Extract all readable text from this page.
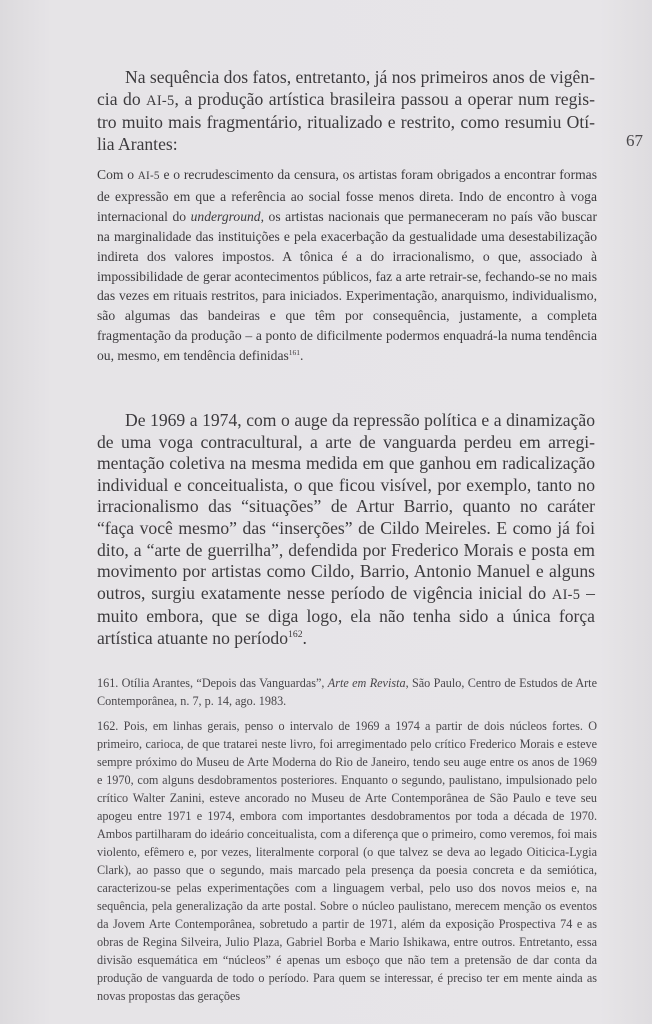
67

Na sequência dos fatos, entretanto, já nos primeiros anos de vigência do AI-5, a produção artística brasileira passou a operar num registro muito mais fragmentário, ritualizado e restrito, como resumiu Otília Arantes:

Com o AI-5 e o recrudescimento da censura, os artistas foram obrigados a encontrar formas de expressão em que a referência ao social fosse menos direta. Indo de encontro à voga internacional do underground, os artistas nacionais que permaneceram no país vão buscar na marginalidade das instituições e pela exacerbação da gestualidade uma desestabilização indireta dos valores impostos. A tônica é a do irracionalismo, o que, associado à impossibilidade de gerar acontecimentos públicos, faz a arte retrair-se, fechando-se no mais das vezes em rituais restritos, para iniciados. Experimentação, anarquismo, individualismo, são algumas das bandeiras e que têm por consequência, justamente, a completa fragmentação da produção – a ponto de dificilmente podermos enquadrá-la numa tendência ou, mesmo, em tendência definidas$^{161}$.

De 1969 a 1974, com o auge da repressão política e a dinamização de uma voga contracultural, a arte de vanguarda perdeu em arregimentação coletiva na mesma medida em que ganhou em radicalização individual e conceitualista, o que ficou visível, por exemplo, tanto no irracionalismo das “situações” de Artur Barrio, quanto no caráter “faça você mesmo” das “inserções” de Cildo Meireles. E como já foi dito, a “arte de guerrilha”, defendida por Frederico Morais e posta em movimento por artistas como Cildo, Barrio, Antonio Manuel e alguns outros, surgiu exatamente nesse período de vigência inicial do AI-5 – muito embora, que se diga logo, ela não tenha sido a única força artística atuante no período$^{162}$.

161. Otília Arantes, “Depois das Vanguardas”, Arte em Revista, São Paulo, Centro de Estudos de Arte Contemporânea, n. 7, p. 14, ago. 1983.

162. Pois, em linhas gerais, penso o intervalo de 1969 a 1974 a partir de dois núcleos fortes. O primeiro, carioca, de que tratarei neste livro, foi arregimentado pelo crítico Frederico Morais e esteve sempre próximo do Museu de Arte Moderna do Rio de Janeiro, tendo seu auge entre os anos de 1969 e 1970, com alguns desdobramentos posteriores. Enquanto o segundo, paulistano, impulsionado pelo crítico Walter Zanini, esteve ancorado no Museu de Arte Contemporânea de São Paulo e teve seu apogeu entre 1971 e 1974, embora com importantes desdobramentos por toda a década de 1970. Ambos partilharam do ideário conceitualista, com a diferença que o primeiro, como veremos, foi mais violento, efêmero e, por vezes, literalmente corporal (o que talvez se deva ao legado Oiticica-Lygia Clark), ao passo que o segundo, mais marcado pela presença da poesia concreta e da semiótica, caracterizou-se pelas experimentações com a linguagem verbal, pelo uso dos novos meios e, na sequência, pela generalização da arte postal. Sobre o núcleo paulistano, merecem menção os eventos da Jovem Arte Contemporânea, sobretudo a partir de 1971, além da exposição Prospectiva 74 e as obras de Regina Silveira, Julio Plaza, Gabriel Borba e Mario Ishikawa, entre outros. Entretanto, essa divisão esquemática em “núcleos” é apenas um esboço que não tem a pretensão de dar conta da produção de vanguarda de todo o período. Para quem se interessar, é preciso ter em mente ainda as novas propostas das gerações
